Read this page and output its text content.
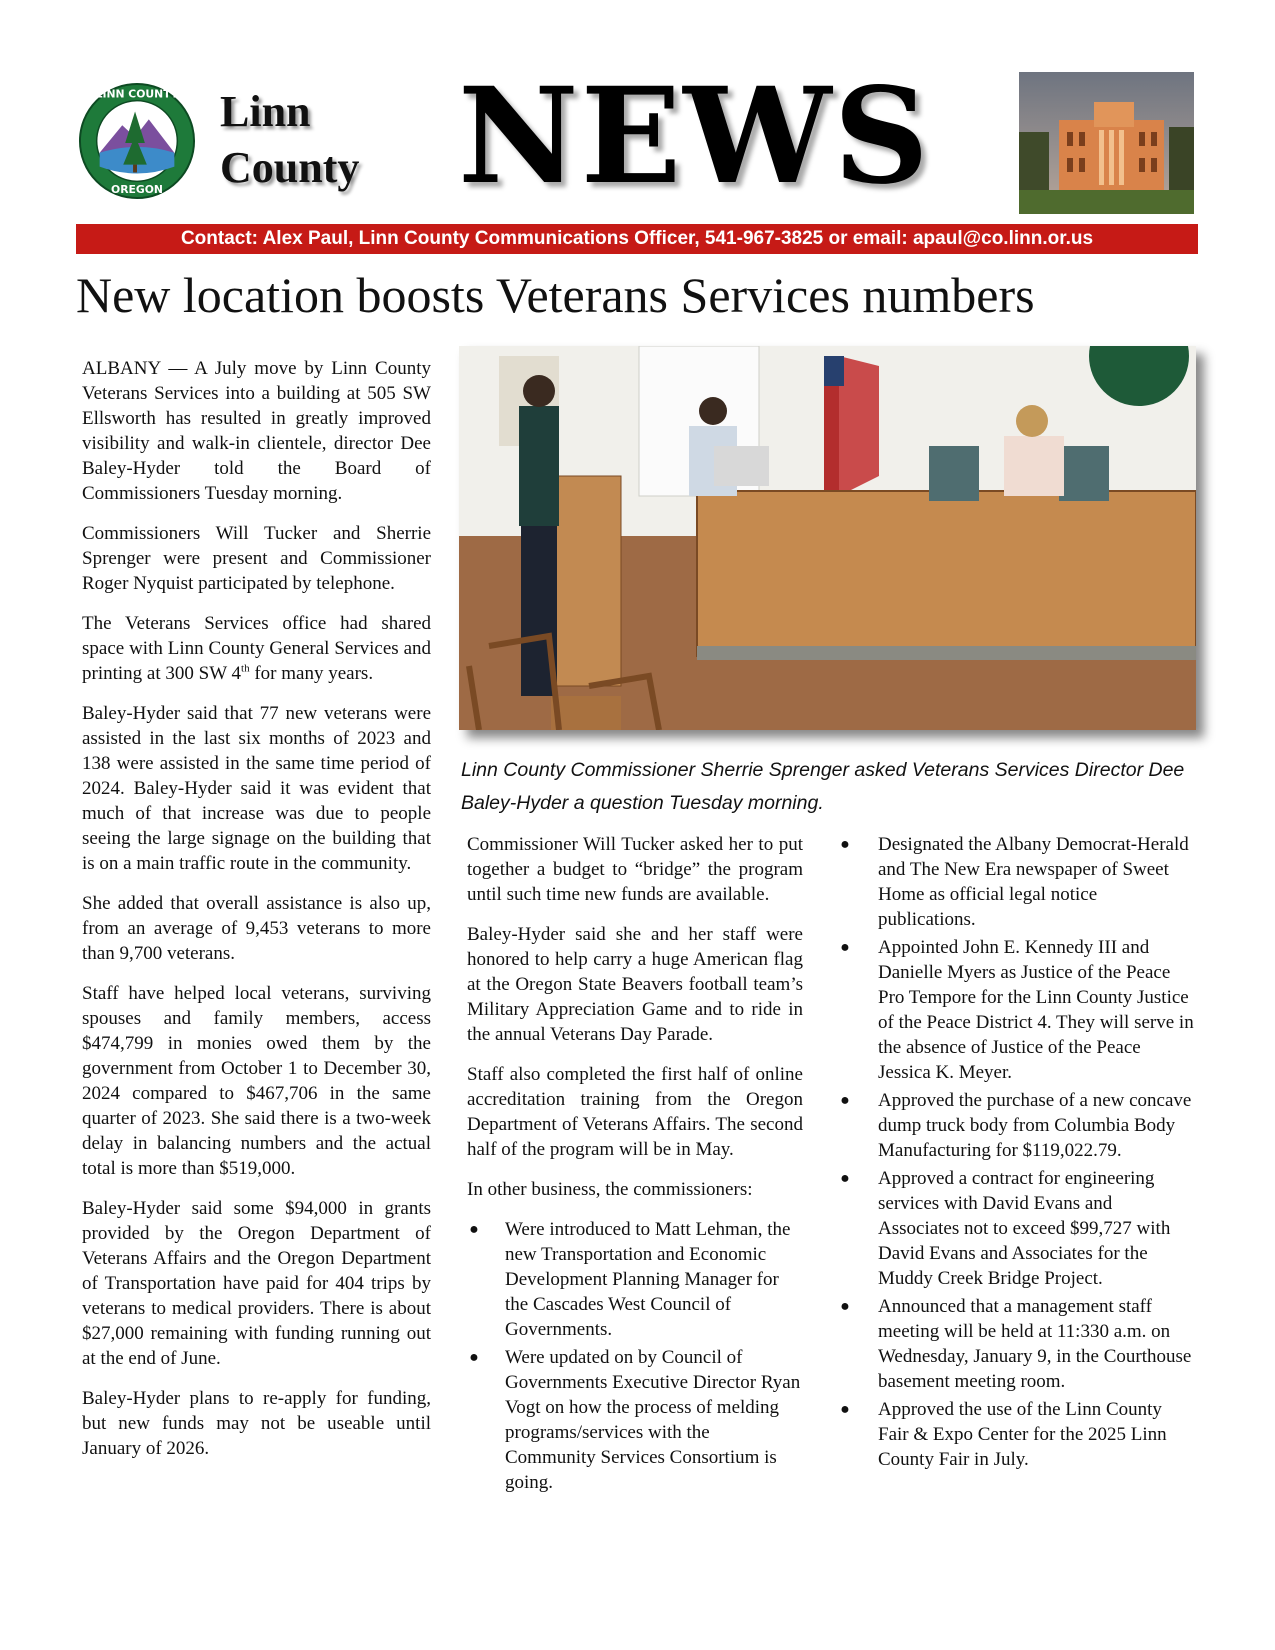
LINN COUNTY
OREGON
Linn
County NEWS
Contact: Alex Paul, Linn County Communications Officer, 541-967-3825 or email: apaul@co.linn.or.us
New location boosts Veterans Services numbers
Linn County Commissioner Sherrie Sprenger asked Veterans Services Director Dee Baley-Hyder a question Tuesday morning.

ALBANY — A July move by Linn County Veterans Services into a building at 505 SW Ellsworth has resulted in greatly improved visibility and walk-in clientele, director Dee Baley-Hyder told the Board of Commissioners Tuesday morning.

Commissioners Will Tucker and Sherrie Sprenger were present and Commissioner Roger Nyquist participated by telephone.

The Veterans Services office had shared space with Linn County General Services and printing at 300 SW 4th for many years.

Baley-Hyder said that 77 new veterans were assisted in the last six months of 2023 and 138 were assisted in the same time period of 2024. Baley-Hyder said it was evident that much of that increase was due to people seeing the large signage on the building that is on a main traffic route in the community.

She added that overall assistance is also up, from an average of 9,453 veterans to more than 9,700 veterans.

Staff have helped local veterans, surviving spouses and family members, access $474,799 in monies owed them by the government from October 1 to December 30, 2024 compared to $467,706 in the same quarter of 2023. She said there is a two-week delay in balancing numbers and the actual total is more than $519,000.

Baley-Hyder said some $94,000 in grants provided by the Oregon Department of Veterans Affairs and the Oregon Department of Transportation have paid for 404 trips by veterans to medical providers. There is about $27,000 remaining with funding running out at the end of June.

Baley-Hyder plans to re-apply for funding, but new funds may not be useable until January of 2026.

Commissioner Will Tucker asked her to put together a budget to “bridge” the program until such time new funds are available.

Baley-Hyder said she and her staff were honored to help carry a huge American flag at the Oregon State Beavers football team’s Military Appreciation Game and to ride in the annual Veterans Day Parade.

Staff also completed the first half of online accreditation training from the Oregon Department of Veterans Affairs. The second half of the program will be in May.

In other business, the commissioners:

● Were introduced to Matt Lehman, the new Transportation and Economic Development Planning Manager for the Cascades West Council of Governments.
● Were updated on by Council of Governments Executive Director Ryan Vogt on how the process of melding programs/services with the Community Services Consortium is going.
● Designated the Albany Democrat-Herald and The New Era newspaper of Sweet Home as official legal notice publications.
● Appointed John E. Kennedy III and Danielle Myers as Justice of the Peace Pro Tempore for the Linn County Justice of the Peace District 4. They will serve in the absence of Justice of the Peace Jessica K. Meyer.
● Approved the purchase of a new concave dump truck body from Columbia Body Manufacturing for $119,022.79.
● Approved a contract for engineering services with David Evans and Associates not to exceed $99,727 with David Evans and Associates for the Muddy Creek Bridge Project.
● Announced that a management staff meeting will be held at 11:330 a.m. on Wednesday, January 9, in the Courthouse basement meeting room.
● Approved the use of the Linn County Fair & Expo Center for the 2025 Linn County Fair in July.
